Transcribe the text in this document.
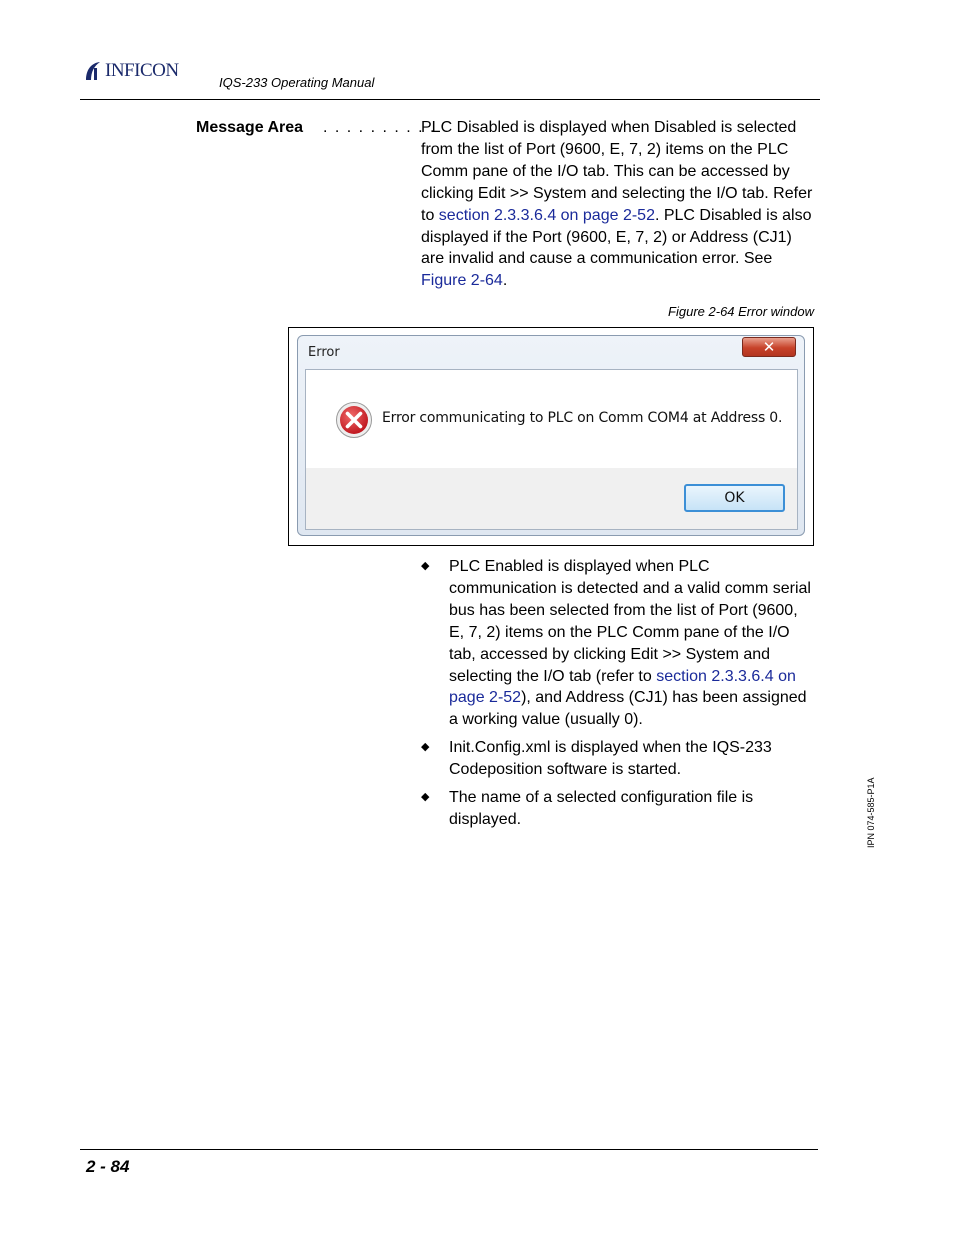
INFICON
IQS-233 Operating Manual
Message Area . . . . . . . . . .

PLC Disabled is displayed when Disabled is selected from the list of Port (9600, E, 7, 2) items on the PLC Comm pane of the I/O tab. This can be accessed by clicking Edit >> System and selecting the I/O tab. Refer to section 2.3.3.6.4 on page 2-52. PLC Disabled is also displayed if the Port (9600, E, 7, 2) or Address (CJ1) are invalid and cause a communication error. See Figure 2-64.

Figure 2-64 Error window
Error	✕
Error communicating to PLC on Comm COM4 at Address 0.
OK
◆ PLC Enabled is displayed when PLC communication is detected and a valid comm serial bus has been selected from the list of Port (9600, E, 7, 2) items on the PLC Comm pane of the I/O tab, accessed by clicking Edit >> System and selecting the I/O tab (refer to section 2.3.3.6.4 on page 2-52), and Address (CJ1) has been assigned a working value (usually 0).
◆ Init.Config.xml is displayed when the IQS-233 Codeposition software is started.
◆ The name of a selected configuration file is displayed.	IPN 074-585-P1A
2 - 84
